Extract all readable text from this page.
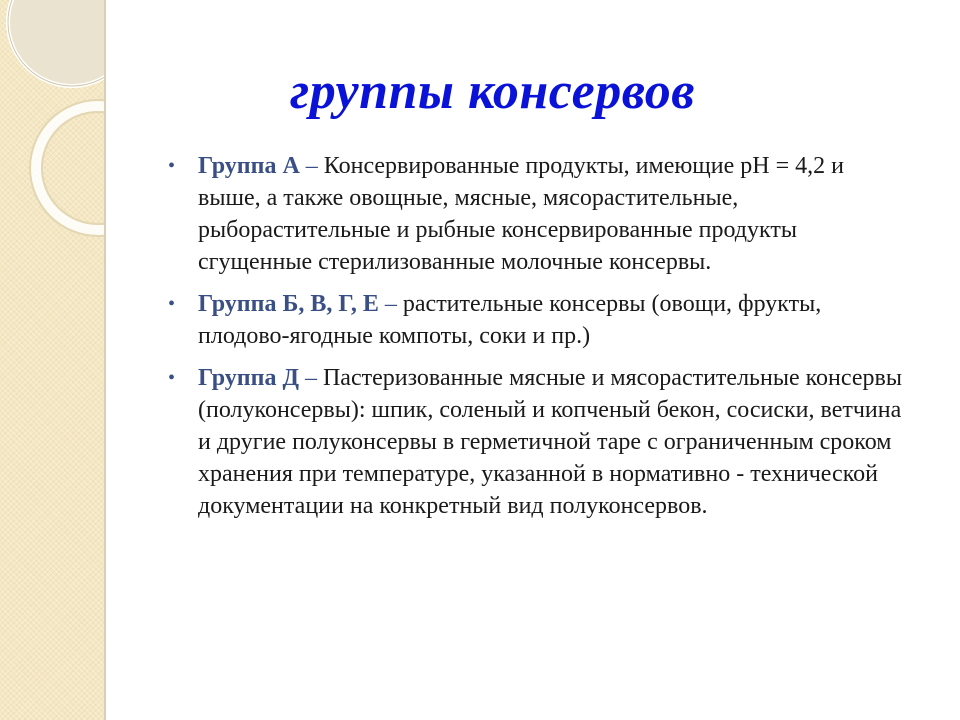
группы консервов
• Группа А – Консервированные продукты, имеющие рН = 4,2 и выше, а также овощные, мясные, мясорастительные, рыборастительные и рыбные консервированные продукты сгущенные стерилизованные молочные консервы.
• Группа Б, В, Г, Е – растительные консервы (овощи, фрукты, плодово-ягодные компоты, соки и пр.)
• Группа Д – Пастеризованные мясные и мясорастительные консервы (полуконсервы): шпик, соленый и копченый бекон, сосиски, ветчина и другие полуконсервы в герметичной таре с ограниченным сроком хранения при температуре, указанной в нормативно - технической документации на конкретный вид полуконсервов.
